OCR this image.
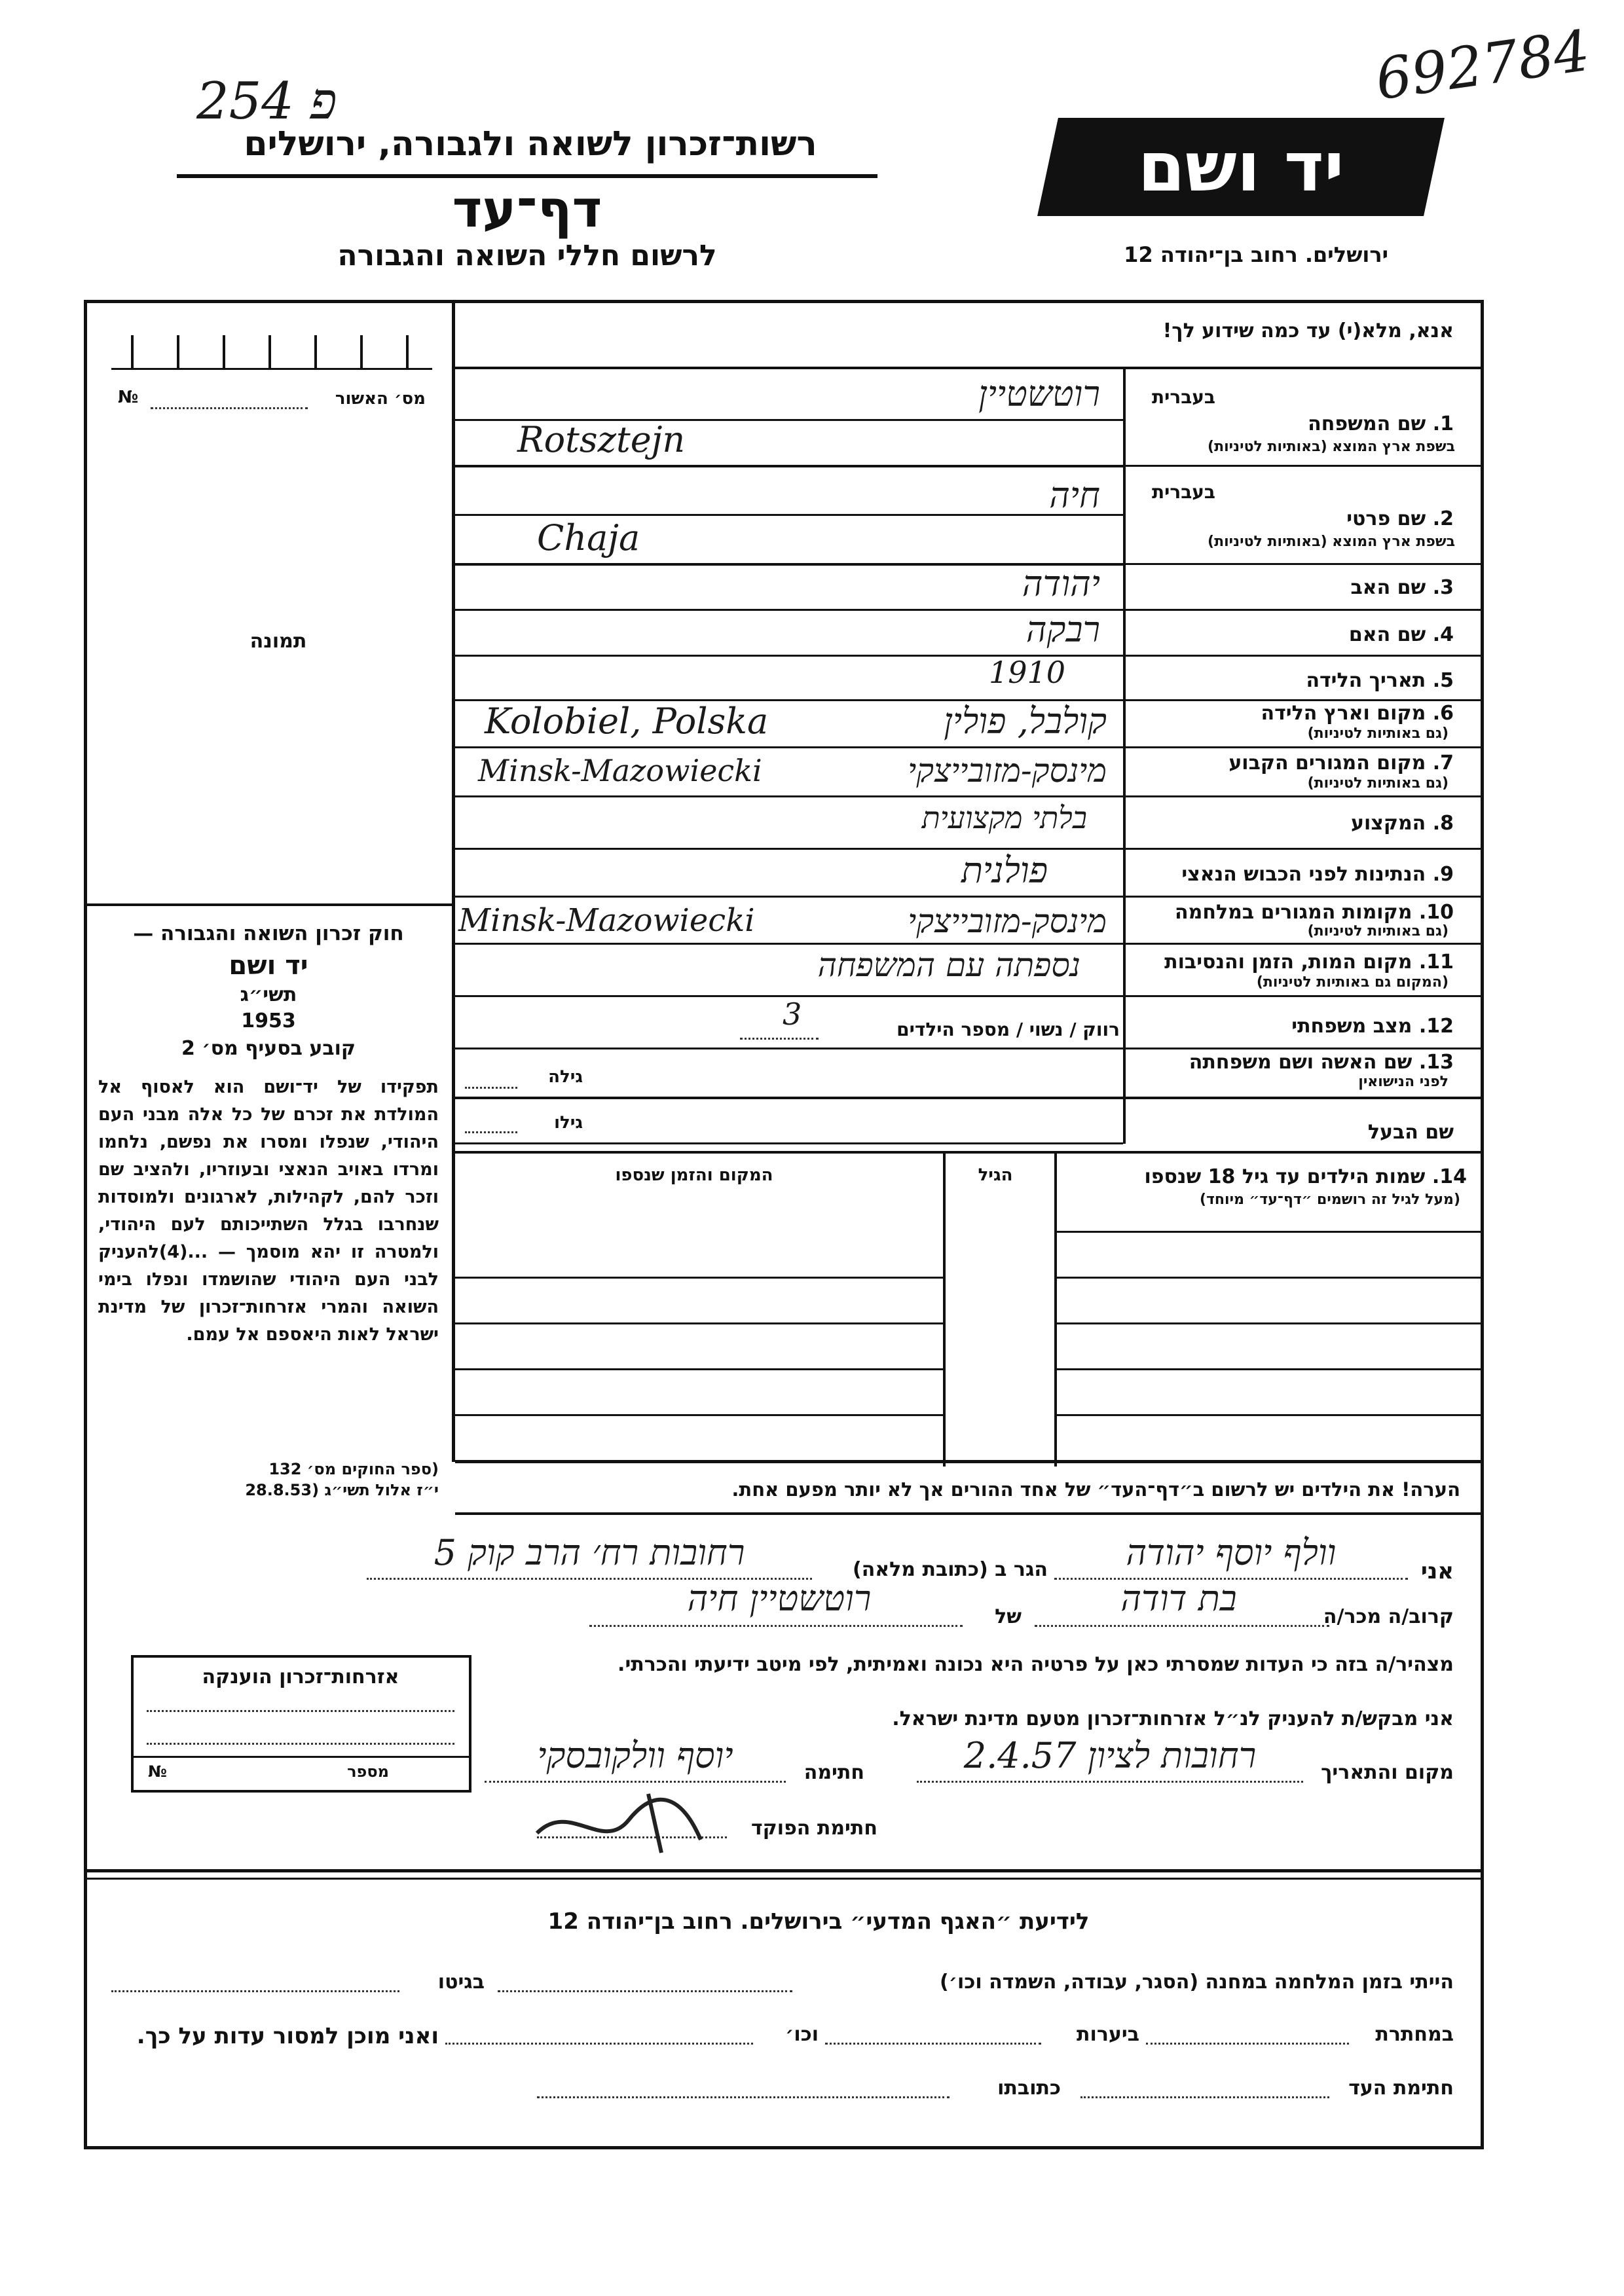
254 פ	692784
רשות־זכרון לשואה ולגבורה, ירושלים
דף־עד
לרשום חללי השואה והגבורה
יד ושם
ירושלים. רחוב בן־יהודה 12
אנא, מלא(י) עד כמה שידוע לך!
מס׳ האשור
№
תמונה
חוק זכרון השואה והגבורה —
יד ושם
תשי״ג
1953
קובע בסעיף מס׳ 2
תפקידו של יד־ושם הוא לאסוף אל המולדת את זכרם של כל אלה מבני העם היהודי, שנפלו ומסרו את נפשם, נלחמו ומרדו באויב הנאצי ובעוזריו, ולהציב שם וזכר להם, לקהילות, לארגונים ולמוסדות שנחרבו בגלל השתייכותם לעם היהודי, ולמטרה זו יהא מוסמך — ...(4)להעניק לבני העם היהודי שהושמדו ונפלו בימי השואה והמרי אזרחות־זכרון של מדינת ישראל לאות היאספם אל עמם.
(ספר החוקים מס׳ 132
י״ז אלול תשי״ג (28.8.53
אזרחות־זכרון הוענקה
מספר
№
בעברית
1. שם המשפחה
בשפת ארץ המוצא (באותיות לטיניות)
רוטשטיין
Rotsztejn
בעברית
2. שם פרטי
בשפת ארץ המוצא (באותיות לטיניות)
חיה
Chaja
3. שם האב
יהודה
4. שם האם
רבקה
5. תאריך הלידה
1910
6. מקום וארץ הלידה
(גם באותיות לטיניות)
Kolobiel, Polska	קולבל, פולין
7. מקום המגורים הקבוע
(גם באותיות לטיניות)
Minsk-Mazowiecki	מינסק-מזובייצקי
8. המקצוע
בלתי מקצועית
9. הנתינות לפני הכבוש הנאצי
פולנית
10. מקומות המגורים במלחמה
(גם באותיות לטיניות)
Minsk-Mazowiecki	מינסק-מזובייצקי
11. מקום המות, הזמן והנסיבות
(המקום גם באותיות לטיניות)
נספתה עם המשפחה
12. מצב משפחתי
רווק / נשוי / מספר הילדים
3
13. שם האשה ושם משפחתה
לפני הנישואין
גילה
שם הבעל
גילו
14. שמות הילדים עד גיל 18 שנספו
(מעל לגיל זה רושמים ״דף־עד״ מיוחד)
הגיל
המקום והזמן שנספו
הערה! את הילדים יש לרשום ב״דף־העד״ של אחד ההורים אך לא יותר מפעם אחת.
אני
וולף יוסף יהודה
הגר ב (כתובת מלאה)
רחובות רח׳ הרב קוק 5
קרוב/ה מכר/ה
בת דודה
של
רוטשטיין חיה
מצהיר/ה בזה כי העדות שמסרתי כאן על פרטיה היא נכונה ואמיתית, לפי מיטב ידיעתי והכרתי.
אני מבקש/ת להעניק לנ״ל אזרחות־זכרון מטעם מדינת ישראל.
מקום והתאריך
רחובות לציון 2.4.57
חתימה
יוסף וולקובסקי
חתימת הפוקד
לידיעת ״האגף המדעי״ בירושלים. רחוב בן־יהודה 12
הייתי בזמן המלחמה במחנה (הסגר, עבודה, השמדה וכו׳)
בגיטו
במחתרת
ביערות
וכו׳
ואני מוכן למסור עדות על כך.
חתימת העד
כתובתו
